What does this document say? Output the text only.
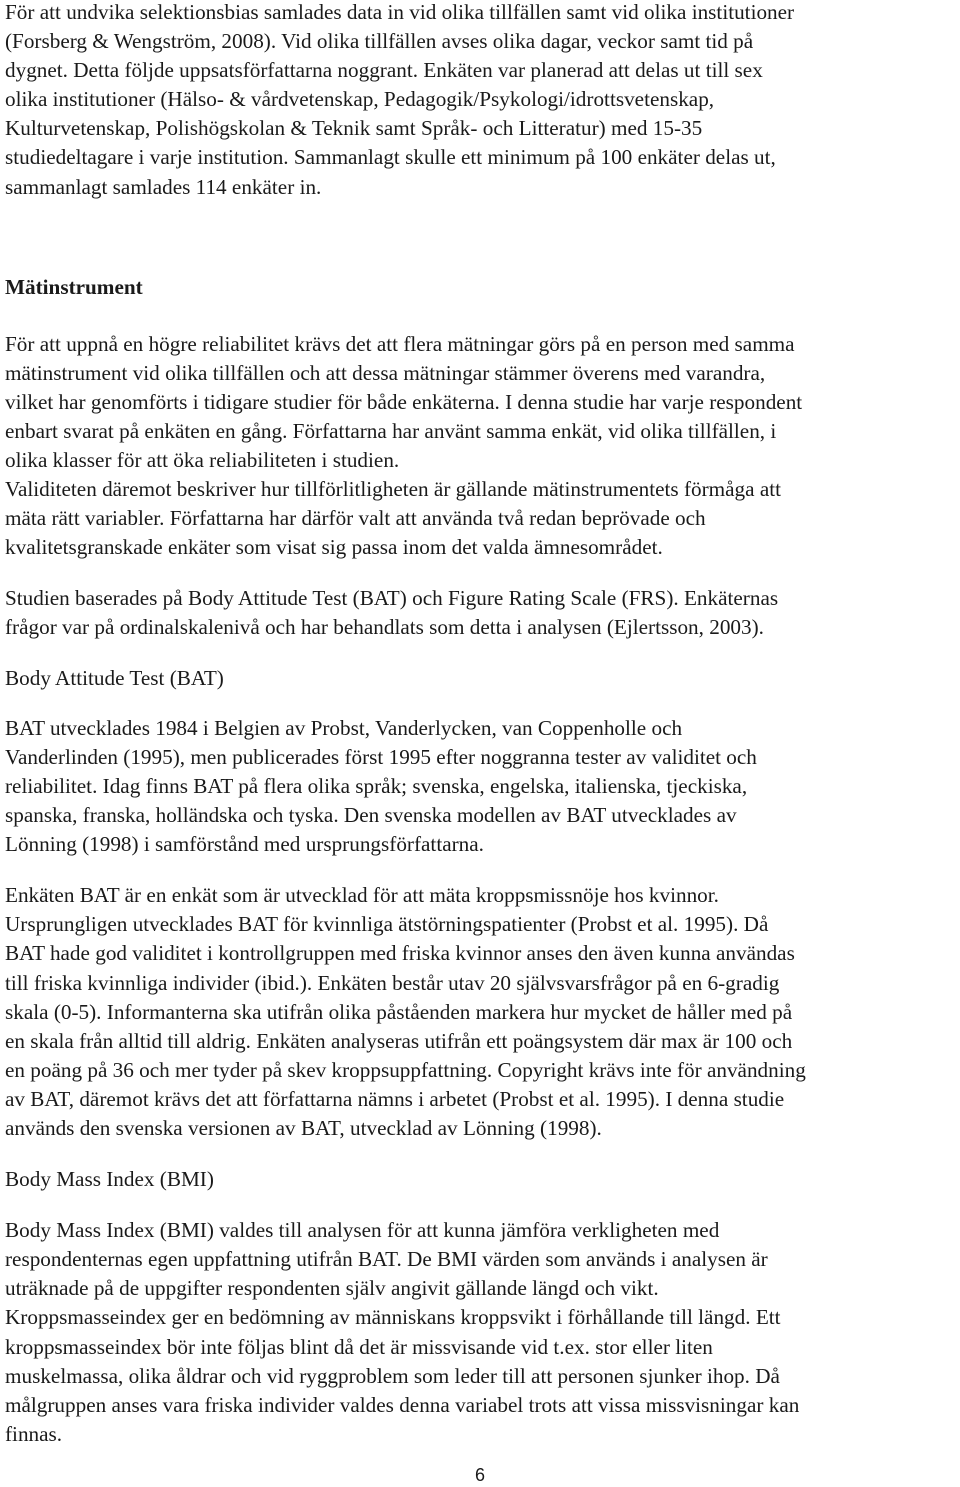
För att undvika selektionsbias samlades data in vid olika tillfällen samt vid olika institutioner
(Forsberg & Wengström, 2008). Vid olika tillfällen avses olika dagar, veckor samt tid på
dygnet. Detta följde uppsatsförfattarna noggrant. Enkäten var planerad att delas ut till sex
olika institutioner (Hälso- & vårdvetenskap, Pedagogik/Psykologi/idrottsvetenskap,
Kulturvetenskap, Polishögskolan & Teknik samt Språk- och Litteratur) med 15-35
studiedeltagare i varje institution. Sammanlagt skulle ett minimum på 100 enkäter delas ut,
sammanlagt samlades 114 enkäter in.

Mätinstrument

För att uppnå en högre reliabilitet krävs det att flera mätningar görs på en person med samma
mätinstrument vid olika tillfällen och att dessa mätningar stämmer överens med varandra,
vilket har genomförts i tidigare studier för både enkäterna. I denna studie har varje respondent
enbart svarat på enkäten en gång. Författarna har använt samma enkät, vid olika tillfällen, i
olika klasser för att öka reliabiliteten i studien.

Validiteten däremot beskriver hur tillförlitligheten är gällande mätinstrumentets förmåga att
mäta rätt variabler. Författarna har därför valt att använda två redan beprövade och
kvalitetsgranskade enkäter som visat sig passa inom det valda ämnesområdet.

Studien baserades på Body Attitude Test (BAT) och Figure Rating Scale (FRS). Enkäternas
frågor var på ordinalskalenivå och har behandlats som detta i analysen (Ejlertsson, 2003).

Body Attitude Test (BAT)

BAT utvecklades 1984 i Belgien av Probst, Vanderlycken, van Coppenholle och
Vanderlinden (1995), men publicerades först 1995 efter noggranna tester av validitet och
reliabilitet. Idag finns BAT på flera olika språk; svenska, engelska, italienska, tjeckiska,
spanska, franska, holländska och tyska. Den svenska modellen av BAT utvecklades av
Lönning (1998) i samförstånd med ursprungsförfattarna.

Enkäten BAT är en enkät som är utvecklad för att mäta kroppsmissnöje hos kvinnor.
Ursprungligen utvecklades BAT för kvinnliga ätstörningspatienter (Probst et al. 1995). Då
BAT hade god validitet i kontrollgruppen med friska kvinnor anses den även kunna användas
till friska kvinnliga individer (ibid.). Enkäten består utav 20 självsvarsfrågor på en 6-gradig
skala (0-5). Informanterna ska utifrån olika påståenden markera hur mycket de håller med på
en skala från alltid till aldrig. Enkäten analyseras utifrån ett poängsystem där max är 100 och
en poäng på 36 och mer tyder på skev kroppsuppfattning. Copyright krävs inte för användning
av BAT, däremot krävs det att författarna nämns i arbetet (Probst et al. 1995). I denna studie
används den svenska versionen av BAT, utvecklad av Lönning (1998).

Body Mass Index (BMI)

Body Mass Index (BMI) valdes till analysen för att kunna jämföra verkligheten med
respondenternas egen uppfattning utifrån BAT. De BMI värden som används i analysen är
uträknade på de uppgifter respondenten själv angivit gällande längd och vikt.

Kroppsmasseindex ger en bedömning av människans kroppsvikt i förhållande till längd. Ett
kroppsmasseindex bör inte följas blint då det är missvisande vid t.ex. stor eller liten
muskelmassa, olika åldrar och vid ryggproblem som leder till att personen sjunker ihop. Då
målgruppen anses vara friska individer valdes denna variabel trots att vissa missvisningar kan
finnas.

6
